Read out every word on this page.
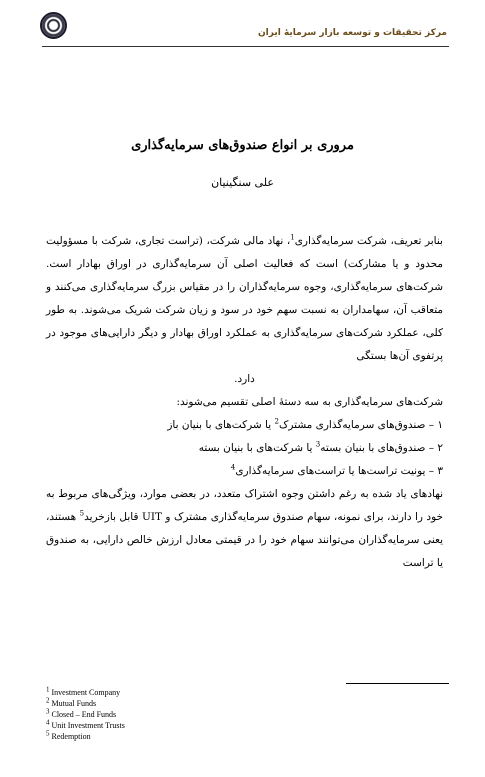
مرکز تحقیقات و توسعه بازار سرمایهٔ ایران
مروری بر انواع صندوق‌های سرمایه‌گذاری
علی سنگینیان

بنابر تعریف، شرکت سرمایه‌گذاری$^1$، نهاد مالی شرکت، (تراست تجاری، شرکت با مسؤولیت محدود و یا مشارکت) است که فعالیت اصلی آن سرمایه‌گذاری در اوراق بهادار است. شرکت‌های سرمایه‌گذاری، وجوه سرمایه‌گذاران را در مقیاس بزرگ سرمایه‌گذاری می‌کنند و متعاقب آن، سهامداران به نسبت سهم خود در سود و زیان شرکت شریک می‌شوند. به طور کلی، عملکرد شرکت‌های سرمایه‌گذاری به عملکرد اوراق بهادار و دیگر دارایی‌های موجود در پرتفوی آن‌ها بستگی

دارد.

شرکت‌های سرمایه‌گذاری به سه دستهٔ اصلی تقسیم می‌شوند:

۱ – صندوق‌های سرمایه‌گذاری مشترک$^2$ یا شرکت‌های با بنیان باز

۲ – صندوق‌های با بنیان بسته$^3$ یا شرکت‌های با بنیان بسته

۳ – یونیت تراست‌ها یا تراست‌های سرمایه‌گذاری$^4$

نهادهای یاد شده به رغم داشتن وجوه اشتراک متعدد، در بعضی موارد، ویژگی‌های مربوط به خود را دارند، برای نمونه، سهام صندوق سرمایه‌گذاری مشترک و UIT قابل بازخرید$^5$ هستند، یعنی سرمایه‌گذاران می‌توانند سهام خود را در قیمتی معادل ارزش خالص دارایی، به صندوق یا تراست

$^1$ Investment Company
$^2$ Mutual Funds
$^3$ Closed – End Funds
$^4$ Unit Investment Trusts
$^5$ Redemption
